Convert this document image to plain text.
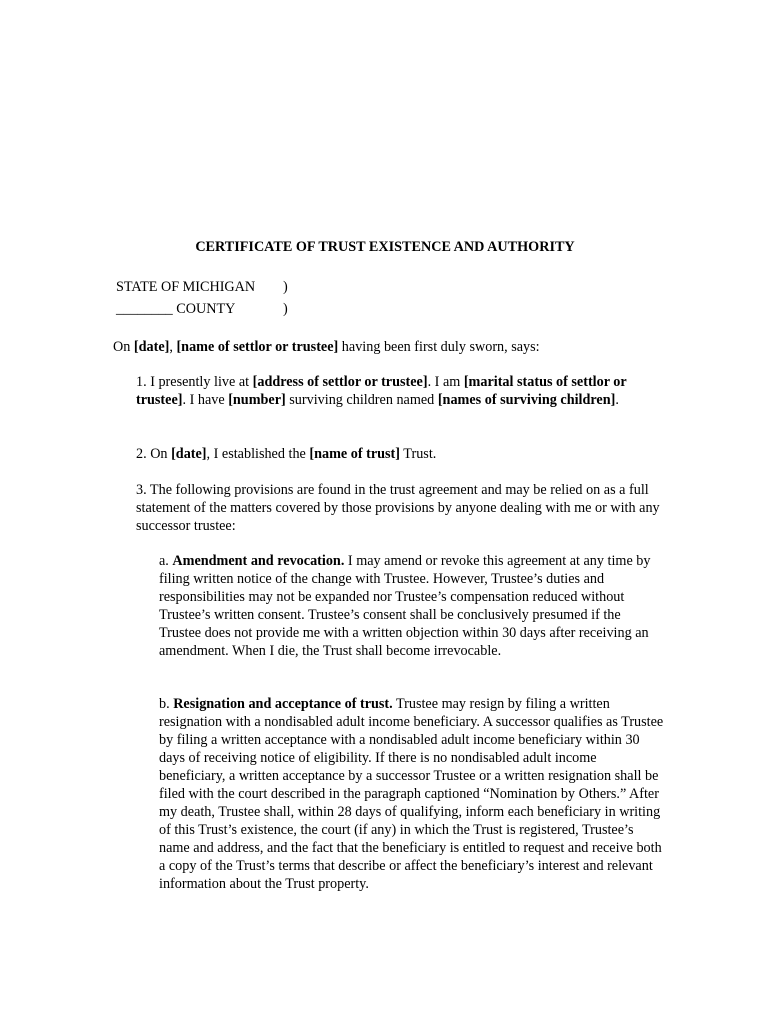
CERTIFICATE OF TRUST EXISTENCE AND AUTHORITY
STATE OF MICHIGAN )
________ COUNTY	)

On [date], [name of settlor or trustee] having been first duly sworn, says:

1. I presently live at [address of settlor or trustee]. I am [marital status of settlor or trustee]. I have [number] surviving children named [names of surviving children].

2. On [date], I established the [name of trust] Trust.

3. The following provisions are found in the trust agreement and may be relied on as a full statement of the matters covered by those provisions by anyone dealing with me or with any successor trustee:

a. Amendment and revocation. I may amend or revoke this agreement at any time by filing written notice of the change with Trustee. However, Trustee’s duties and responsibilities may not be expanded nor Trustee’s compensation reduced without Trustee’s written consent. Trustee’s consent shall be conclusively presumed if the Trustee does not provide me with a written objection within 30 days after receiving an amendment. When I die, the Trust shall become irrevocable.

b. Resignation and acceptance of trust. Trustee may resign by filing a written resignation with a nondisabled adult income beneficiary. A successor qualifies as Trustee by filing a written acceptance with a nondisabled adult income beneficiary within 30 days of receiving notice of eligibility. If there is no nondisabled adult income beneficiary, a written acceptance by a successor Trustee or a written resignation shall be filed with the court described in the paragraph captioned “Nomination by Others.” After my death, Trustee shall, within 28 days of qualifying, inform each beneficiary in writing of this Trust’s existence, the court (if any) in which the Trust is registered, Trustee’s name and address, and the fact that the beneficiary is entitled to request and receive both a copy of the Trust’s terms that describe or affect the beneficiary’s interest and relevant information about the Trust property.
